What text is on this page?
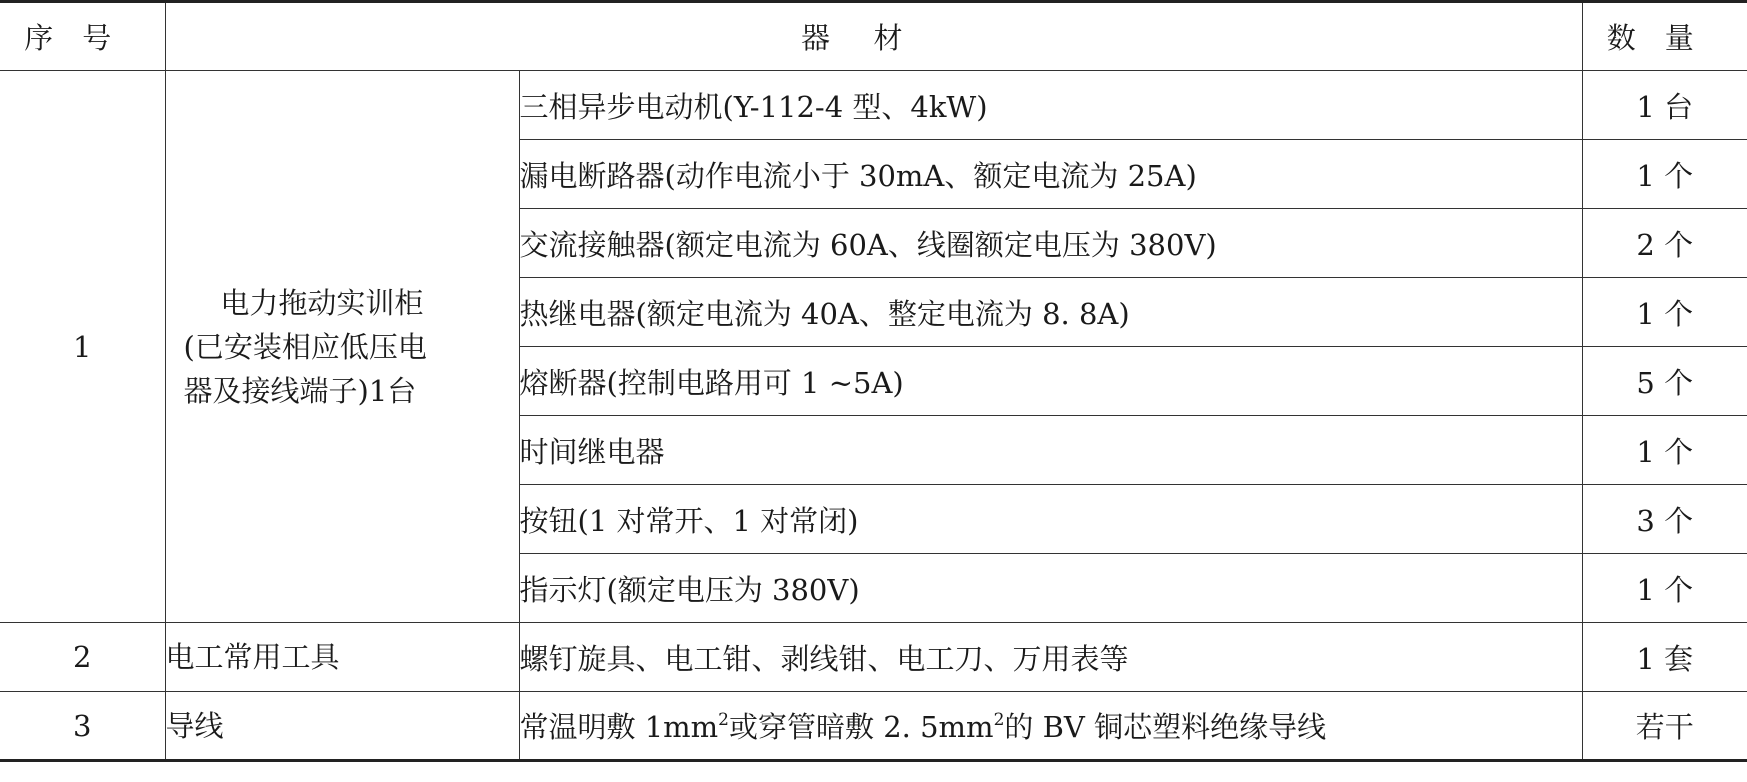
序号	器材		数量
1	电力拖动实训柜
(已安装相应低压电
器及接线端子)1台	三相异步电动机(Y-112-4 型、4kW)	1 台
		漏电断路器(动作电流小于 30mA、额定电流为 25A)	1 个
		交流接触器(额定电流为 60A、线圈额定电压为 380V)	2 个
		热继电器(额定电流为 40A、整定电流为 8. 8A)	1 个
		熔断器(控制电路用可 1 ~5A)	5 个
		时间继电器	1 个
		按钮(1 对常开、1 对常闭)	3 个
		指示灯(额定电压为 380V)	1 个
2	电工常用工具	螺钉旋具、电工钳、剥线钳、电工刀、万用表等	1 套
3	导线	常温明敷 $1mm^2$或穿管暗敷 2. $5mm^2$的 BV 铜芯塑料绝缘导线	若干
